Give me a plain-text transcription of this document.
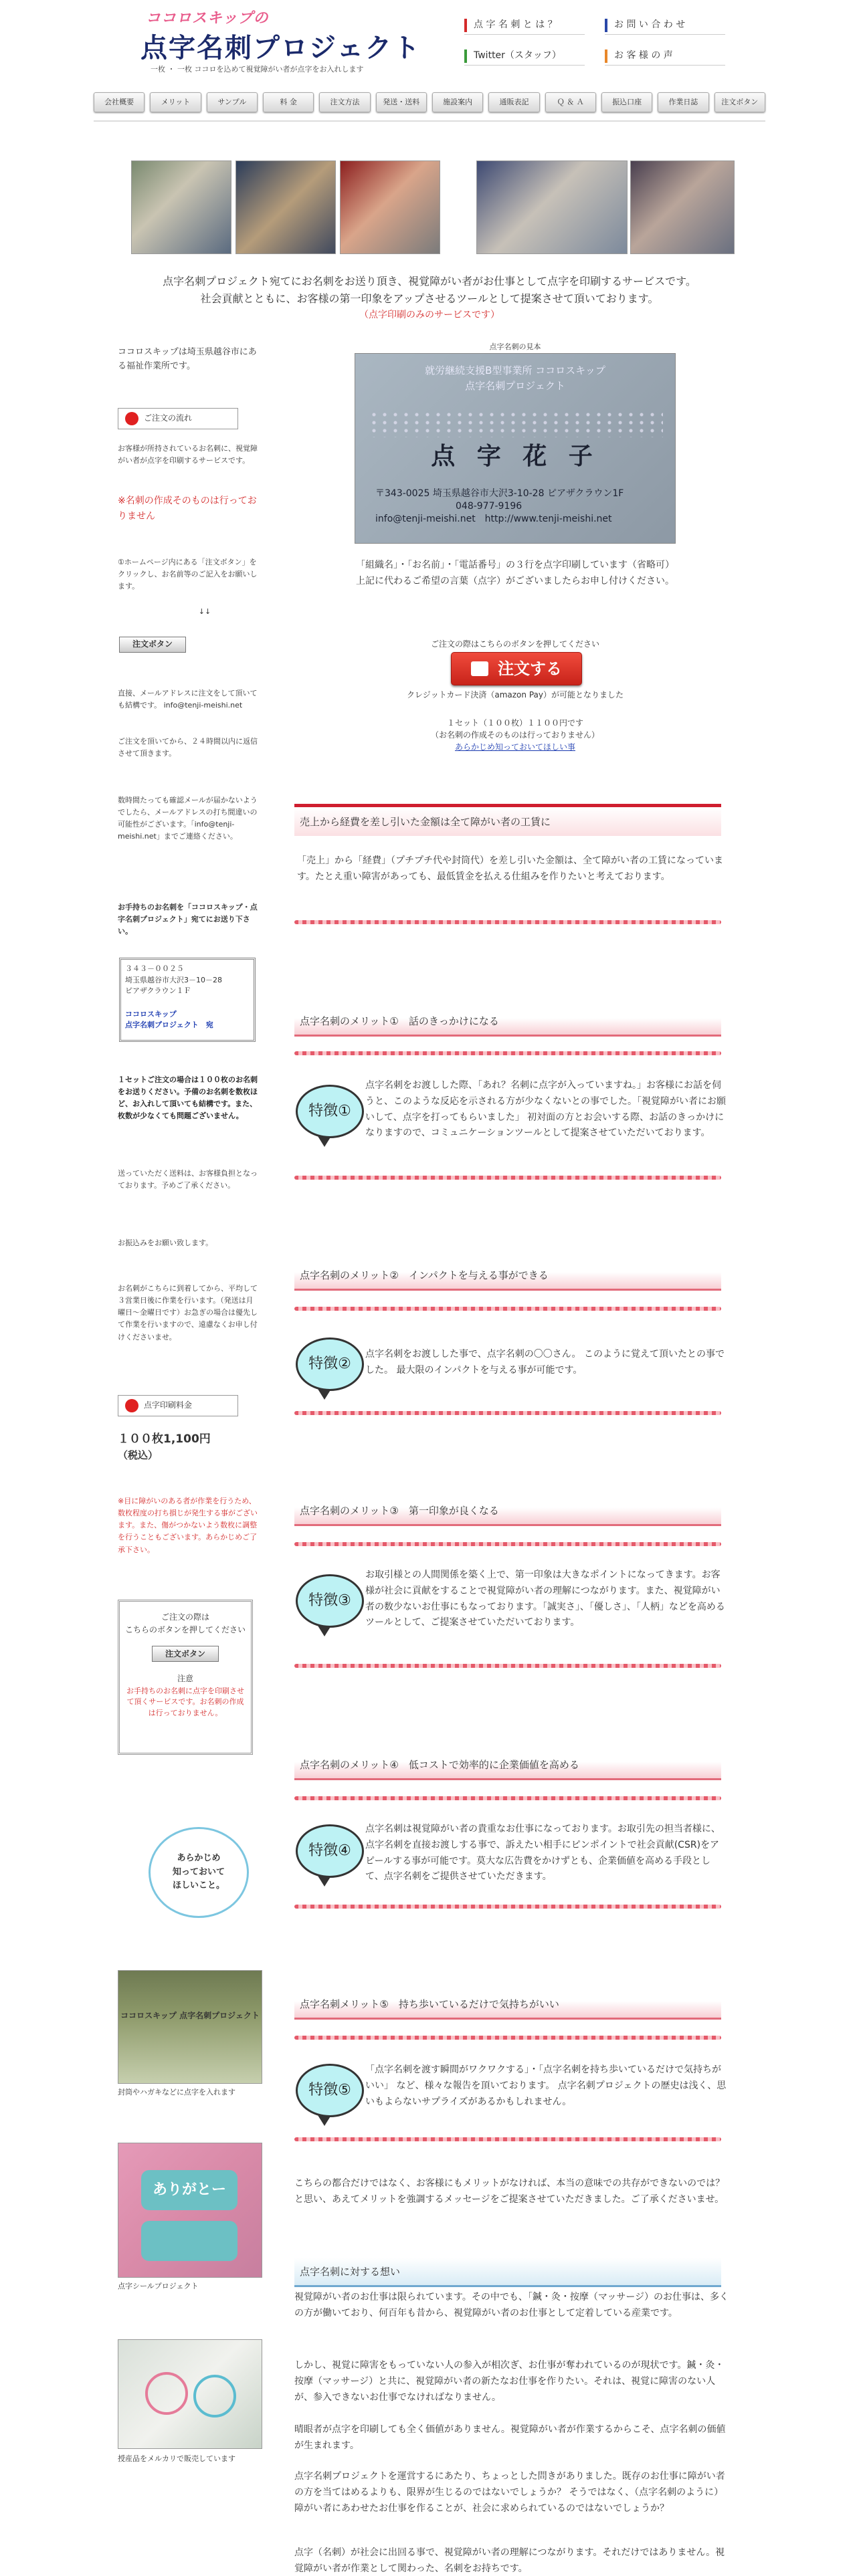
ココロスキップの
点字名刺プロジェクト
一枚 ・ 一枚 ココロを込めて視覚障がい者が点字をお入れします
点 字 名 刺 と は ？	お 問 い 合 わ せ
Twitter（スタッフ）	お 客 様 の 声
会社概要	メリット	サンプル	料 金	注文方法	発送・送料	施設案内	通販表記	Ｑ ＆ Ａ	振込口座	作業日誌	注文ボタン
点字名刺プロジェクト宛てにお名刺をお送り頂き、視覚障がい者がお仕事として点字を印刷するサービスです。
社会貢献とともに、お客様の第一印象をアップさせるツールとして提案させて頂いております。
（点字印刷のみのサービスです）
ココロスキップは埼玉県越谷市にある福祉作業所です。
ご注文の流れ
お客様が所持されているお名刺に、視覚障がい者が点字を印刷するサービスです。
※名刺の作成そのものは行っておりません
①ホームページ内にある「注文ボタン」をクリックし、お名前等のご記入をお願いします。
↓↓
注文ボタン
直接、メールアドレスに注文をして頂いても結構です。 info@tenji-meishi.net
ご注文を頂いてから、２４時間以内に返信させて頂きます。
数時間たっても確認メールが届かないようでしたら、メールアドレスの打ち間違いの可能性がございます。「info@tenji-meishi.net」までご連絡ください。
お手持ちのお名刺を「ココロスキップ・点字名刺プロジェクト」宛てにお送り下さい。
３４３－００２５
埼玉県越谷市大沢3－10－28
ピアザクラウン１Ｆ
ココロスキップ
点字名刺プロジェクト　宛
１セットご注文の場合は１００枚のお名刺をお送りください。予備のお名刺を数枚ほど、お入れして頂いても結構です。また、枚数が少なくても問題ございません。
送っていただく送料は、お客様負担となっております。予めご了承ください。
お振込みをお願い致します。
お名刺がこちらに到着してから、平均して３営業日後に作業を行います。（発送は月曜日～金曜日です）お急ぎの場合は優先して作業を行いますので、遠慮なくお申し付けくださいませ。
点字印刷料金
１００枚1,100円
（税込）
※目に障がいのある者が作業を行うため、数枚程度の打ち損じが発生する事がございます。また、傷がつかないよう数枚に調整を行うこともございます。あらかじめご了承下さい。
ご注文の際は
こちらのボタンを押してください
注文ボタン
注意
お手持ちのお名刺に点字を印刷させて頂くサービスです。お名刺の作成は行っておりません。
あらかじめ
知っておいて
ほしいこと。
ココロスキップ 点字名刺プロジェクト
封筒やハガキなどに点字を入れます
ありがとー
点字シールプロジェクト
授産品をメルカリで販売しています
点字名刺の見本
就労継続支援B型事業所 ココロスキップ
点字名刺プロジェクト
点 字 花 子
〒343-0025 埼玉県越谷市大沢3-10-28 ピアザクラウン1F
048-977-9196
info@tenji-meishi.net　http://www.tenji-meishi.net
「組織名」・「お名前」・「電話番号」の３行を点字印刷しています（省略可）
上記に代わるご希望の言葉（点字）がございましたらお申し付けください。
ご注文の際はこちらのボタンを押してください
注文する
クレジットカード決済（amazon Pay）が可能となりました
１セット（１００枚）１１００円です
（お名刺の作成そのものは行っておりません）
あらかじめ知っておいてほしい事
売上から経費を差し引いた金額は全て障がい者の工賃に
「売上」から「経費」（プチプチ代や封筒代）を差し引いた金額は、全て障がい者の工賃になっています。たとえ重い障害があっても、最低賃金を払える仕組みを作りたいと考えております。
点字名刺のメリット①　話のきっかけになる
特徴①
点字名刺をお渡しした際、「あれ？名刺に点字が入っていますね。」お客様にお話を伺うと、このような反応を示される方が少なくないとの事でした。「視覚障がい者にお願いして、点字を打ってもらいました」 初対面の方とお会いする際、お話のきっかけになりますので、コミュニケーションツールとして提案させていただいております。
点字名刺のメリット②　インパクトを与える事ができる
特徴②
点字名刺をお渡しした事で、点字名刺の〇〇さん。 このように覚えて頂いたとの事でした。 最大限のインパクトを与える事が可能です。
点字名刺のメリット③　第一印象が良くなる
特徴③
お取引様との人間関係を築く上で、第一印象は大きなポイントになってきます。お客様が社会に貢献をすることで視覚障がい者の理解につながります。また、視覚障がい者の数少ないお仕事にもなっております。「誠実さ」、「優しさ」、「人柄」などを高めるツールとして、ご提案させていただいております。
点字名刺のメリット④　低コストで効率的に企業価値を高める
特徴④
点字名刺は視覚障がい者の貴重なお仕事になっております。お取引先の担当者様に、点字名刺を直接お渡しする事で、訴えたい相手にピンポイントで社会貢献(CSR)をアピールする事が可能です。莫大な広告費をかけずとも、企業価値を高める手段として、点字名刺をご提供させていただきます。
点字名刺メリット⑤　持ち歩いているだけで気持ちがいい
特徴⑤
「点字名刺を渡す瞬間がワクワクする」・「点字名刺を持ち歩いているだけで気持ちがいい」 など、様々な報告を頂いております。 点字名刺プロジェクトの歴史は浅く、思いもよらないサプライズがあるかもしれません。
こちらの都合だけではなく、お客様にもメリットがなければ、本当の意味での共存ができないのでは？と思い、あえてメリットを強調するメッセージをご提案させていただきました。ご了承くださいませ。
点字名刺に対する想い
視覚障がい者のお仕事は限られています。その中でも、「鍼・灸・按摩（マッサージ）のお仕事は、多くの方が働いており、何百年も昔から、視覚障がい者のお仕事として定着している産業です。
しかし、視覚に障害をもっていない人の参入が相次ぎ、お仕事が奪われているのが現状です。鍼・灸・按摩（マッサージ）と共に、視覚障がい者の新たなお仕事を作りたい。それは、視覚に障害のない人が、参入できないお仕事でなければなりません。
晴眼者が点字を印刷しても全く価値がありません。視覚障がい者が作業するからこそ、点字名刺の価値が生まれます。
点字名刺プロジェクトを運営するにあたり、ちょっとした問きがありました。既存のお仕事に障がい者の方を当てはめるよりも、限界が生じるのではないでしょうか？ そうではなく、（点字名刺のように）障がい者にあわせたお仕事を作ることが、社会に求められているのではないでしょうか？
点字（名刺）が社会に出回る事で、視覚障がい者の理解につながります。それだけではありません。視覚障がい者が作業として関わった、名刺をお持ちです。
